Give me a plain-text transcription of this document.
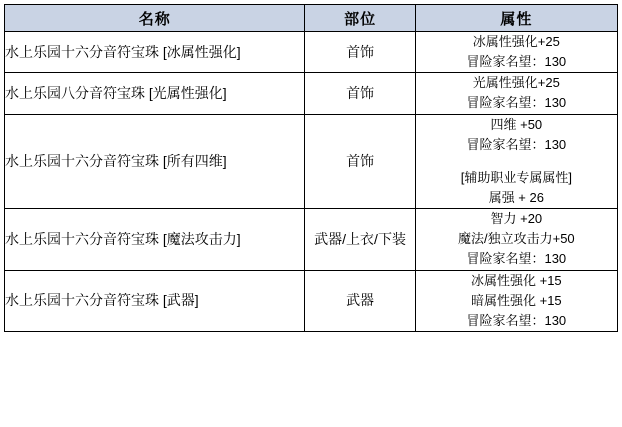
名称	部位	属性
水上乐园十六分音符宝珠 [冰属性强化]	首饰	冰属性强化+25
冒险家名望：130

水上乐园八分音符宝珠 [光属性强化]	首饰	光属性强化+25
冒险家名望：130

水上乐园十六分音符宝珠 [所有四维]	首饰	四维 +50
冒险家名望：130
[辅助职业专属属性]
属强 + 26

水上乐园十六分音符宝珠 [魔法攻击力]	武器/上衣/下装	智力 +20
魔法/独立攻击力+50
冒险家名望：130

水上乐园十六分音符宝珠 [武器]	武器	冰属性强化 +15
暗属性强化 +15
冒险家名望：130
